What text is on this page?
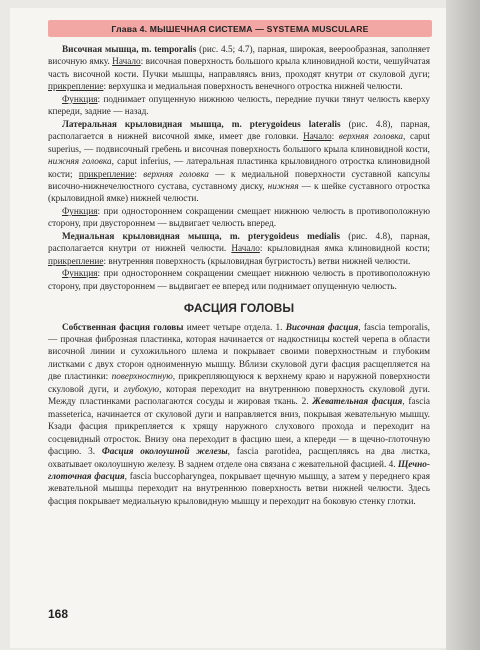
Глава 4. МЫШЕЧНАЯ СИСТЕМА — SYSTEMA MUSCULARE

Височная мышца, m. temporalis (рис. 4.5; 4.7), парная, широкая, веерообразная, заполняет височную ямку. Начало: височная поверхность большого крыла клиновидной кости, чешуйчатая часть височной кости. Пучки мышцы, направляясь вниз, проходят кнутри от скуловой дуги; прикрепление: верхушка и медиальная поверхность венечного отростка нижней челюсти.

Функция: поднимает опущенную нижнюю челюсть, передние пучки тянут челюсть кверху кпереди, задние — назад.

Латеральная крыловидная мышца, m. pterygoideus lateralis (рис. 4.8), парная, располагается в нижней височной ямке, имеет две головки. Начало: верхняя головка, caput superius, — подвисочный гребень и височная поверхность большого крыла клиновидной кости, нижняя головка, caput inferius, — латеральная пластинка крыловидного отростка клиновидной кости; прикрепление: верхняя головка — к медиальной поверхности суставной капсулы височно-нижнечелюстного сустава, суставному диску, нижняя — к шейке суставного отростка (крыловидной ямке) нижней челюсти.

Функция: при одностороннем сокращении смещает нижнюю челюсть в противоположную сторону, при двустороннем — выдвигает челюсть вперед.

Медиальная крыловидная мышца, m. pterygoideus medialis (рис. 4.8), парная, располагается кнутри от нижней челюсти. Начало: крыловидная ямка клиновидной кости; прикрепление: внутренняя поверхность (крыловидная бугристость) ветви нижней челюсти.

Функция: при одностороннем сокращении смещает нижнюю челюсть в противоположную сторону, при двустороннем — выдвигает ее вперед или поднимает опущенную челюсть.

ФАСЦИЯ ГОЛОВЫ

Собственная фасция головы имеет четыре отдела. 1. Височная фасция, fascia temporalis, — прочная фиброзная пластинка, которая начинается от надкостницы костей черепа в области височной линии и сухожильного шлема и покрывает своими поверхностным и глубоким листками с двух сторон одноименную мышцу. Вблизи скуловой дуги фасция расщепляется на две пластинки: поверхностную, прикрепляющуюся к верхнему краю и наружной поверхности скуловой дуги, и глубокую, которая переходит на внутреннюю поверхность скуловой дуги. Между пластинками располагаются сосуды и жировая ткань. 2. Жевательная фасция, fascia masseterica, начинается от скуловой дуги и направляется вниз, покрывая жевательную мышцу. Кзади фасция прикрепляется к хрящу наружного слухового прохода и переходит на сосцевидный отросток. Внизу она переходит в фасцию шеи, а кпереди — в щечно-глоточную фасцию. 3. Фасция околоушной железы, fascia parotidea, расщепляясь на два листка, охватывает околоушную железу. В заднем отделе она связана с жевательной фасцией. 4. Щечно-глоточная фасция, fascia buccopharyngea, покрывает щечную мышцу, а затем у переднего края жевательной мышцы переходит на внутреннюю поверхность ветви нижней челюсти. Здесь фасция покрывает медиальную крыловидную мышцу и переходит на боковую стенку глотки.

168
